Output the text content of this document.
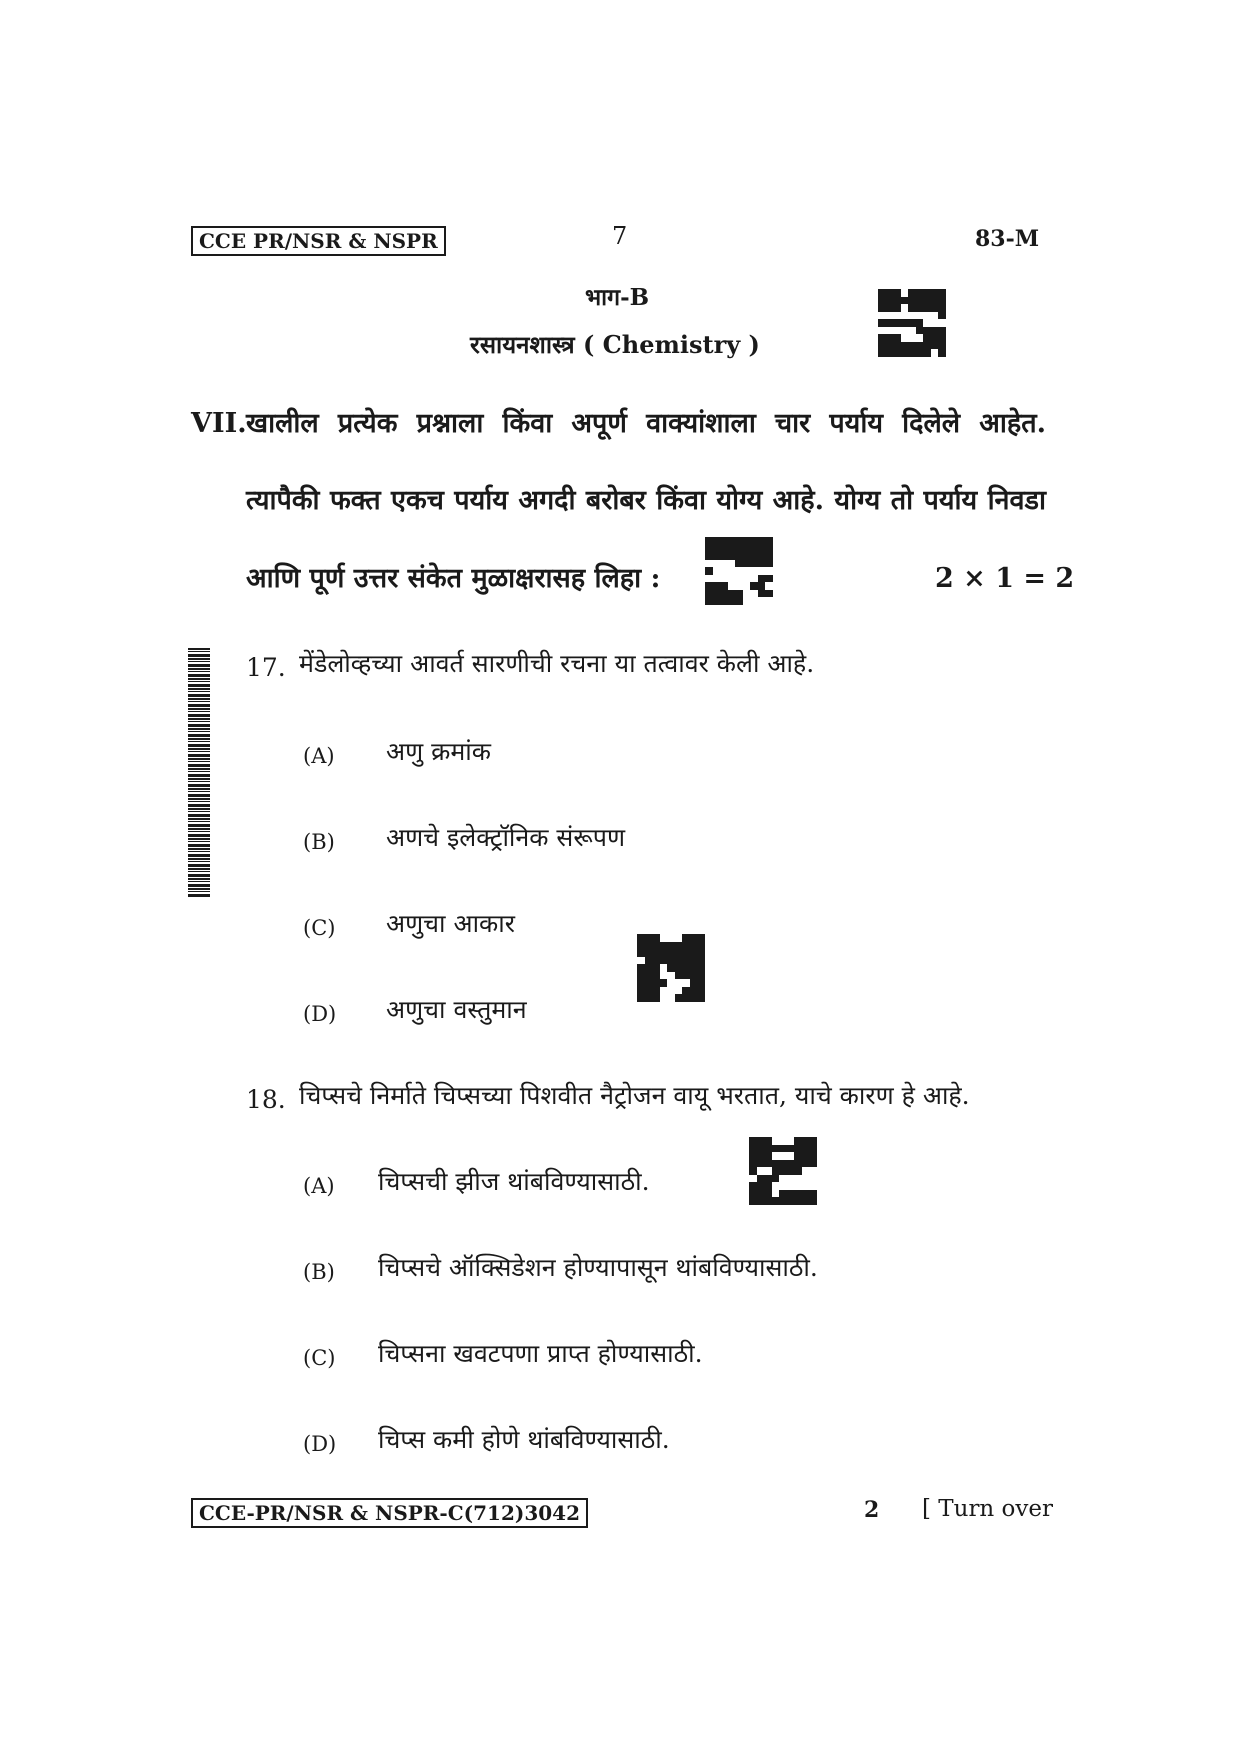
CCE PR/NSR & NSPR	7	83-M
भाग-B
रसायनशास्त्र ( Chemistry )
VII. खालील प्रत्येक प्रश्नाला किंवा अपूर्ण वाक्यांशाला चार पर्याय दिलेले आहेत.
त्यापैकी फक्त एकच पर्याय अगदी बरोबर किंवा योग्य आहे. योग्य तो पर्याय निवडा
आणि पूर्ण उत्तर संकेत मुळाक्षरासह लिहा :	2 × 1 = 2
17. मेंडेलोव्हच्या आवर्त सारणीची रचना या तत्वावर केली आहे.
(A) अणु क्रमांक
(B) अणचे इलेक्ट्रॉनिक संरूपण
(C) अणुचा आकार
(D) अणुचा वस्तुमान
18. चिप्सचे निर्माते चिप्सच्या पिशवीत नैट्रोजन वायू भरतात, याचे कारण हे आहे.
(A) चिप्सची झीज थांबविण्यासाठी.
(B) चिप्सचे ऑक्सिडेशन होण्यापासून थांबविण्यासाठी.
(C) चिप्सना खवटपणा प्राप्त होण्यासाठी.
(D) चिप्स कमी होणे थांबविण्यासाठी.
CCE-PR/NSR & NSPR-C(712)3042	2 [ Turn over
